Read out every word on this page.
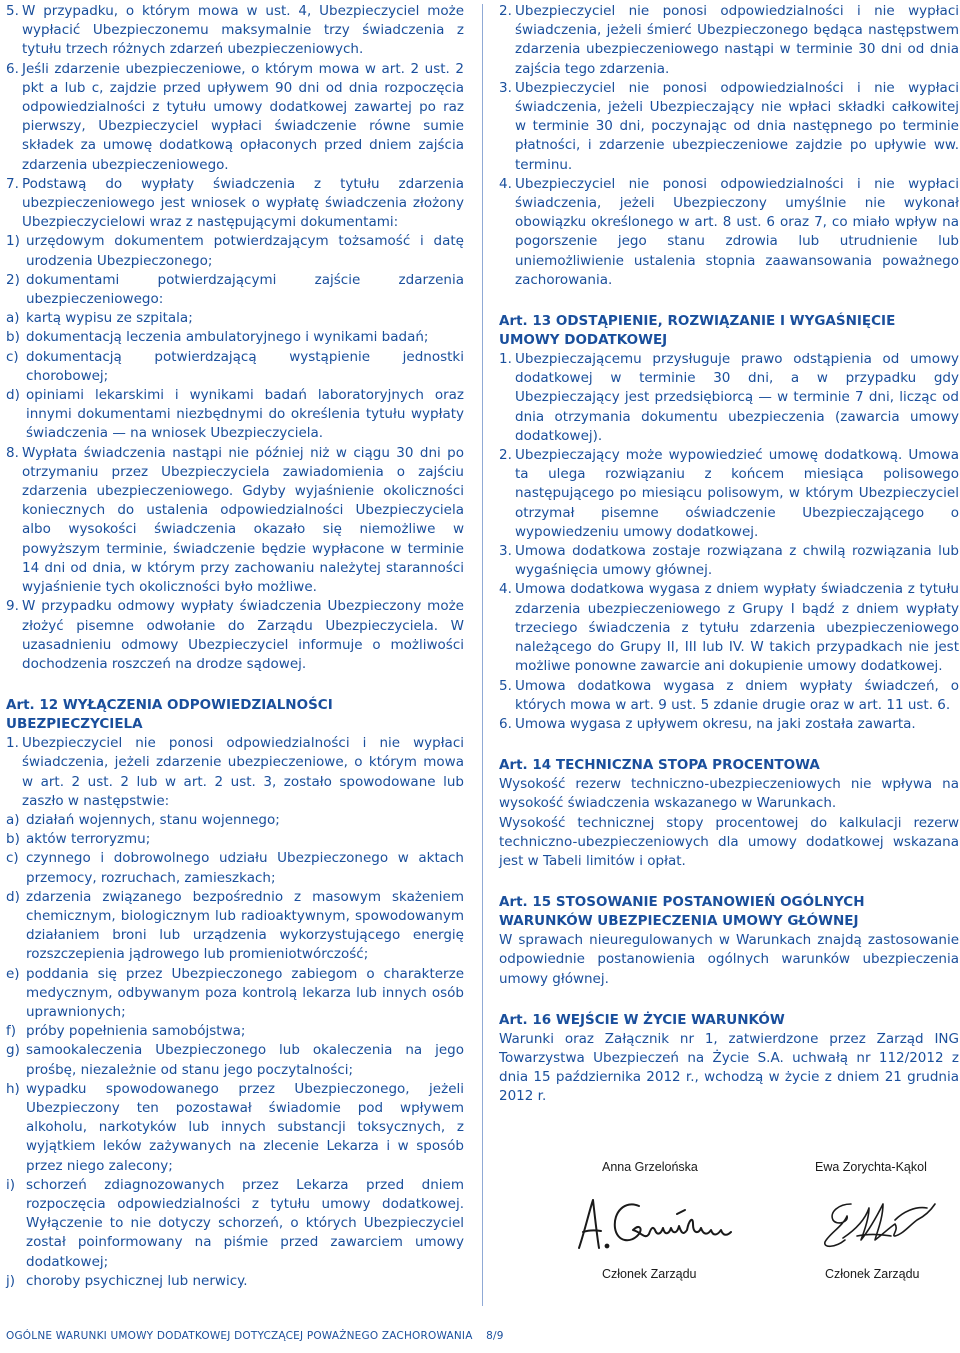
5. W przypadku, o którym mowa w ust. 4, Ubezpieczyciel może wypłacić Ubezpieczonemu maksymalnie trzy świadczenia z tytułu trzech różnych zdarzeń ubezpieczeniowych.
6. Jeśli zdarzenie ubezpieczeniowe, o którym mowa w art. 2 ust. 2 pkt a lub c, zajdzie przed upływem 90 dni od dnia rozpoczęcia odpowiedzialności z tytułu umowy dodatkowej zawartej po raz pierwszy, Ubezpieczyciel wypłaci świadczenie równe sumie składek za umowę dodatkową opłaconych przed dniem zajścia zdarzenia ubezpieczeniowego.
7. Podstawą do wypłaty świadczenia z tytułu zdarzenia ubezpieczeniowego jest wniosek o wypłatę świadczenia złożony Ubezpieczycielowi wraz z następującymi dokumentami:
1) urzędowym dokumentem potwierdzającym tożsamość i datę urodzenia Ubezpieczonego;
2) dokumentami potwierdzającymi zajście zdarzenia ubezpieczeniowego:
a) kartą wypisu ze szpitala;
b) dokumentacją leczenia ambulatoryjnego i wynikami badań;
c) dokumentacją potwierdzającą wystąpienie jednostki chorobowej;
d) opiniami lekarskimi i wynikami badań laboratoryjnych oraz innymi dokumentami niezbędnymi do określenia tytułu wypłaty świadczenia — na wniosek Ubezpieczyciela.
8. Wypłata świadczenia nastąpi nie później niż w ciągu 30 dni po otrzymaniu przez Ubezpieczyciela zawiadomienia o zajściu zdarzenia ubezpieczeniowego. Gdyby wyjaśnienie okoliczności koniecznych do ustalenia odpowiedzialności Ubezpieczyciela albo wysokości świadczenia okazało się niemożliwe w powyższym terminie, świadczenie będzie wypłacone w terminie 14 dni od dnia, w którym przy zachowaniu należytej staranności wyjaśnienie tych okoliczności było możliwe.
9. W przypadku odmowy wypłaty świadczenia Ubezpieczony może złożyć pisemne odwołanie do Zarządu Ubezpieczyciela. W uzasadnieniu odmowy Ubezpieczyciel informuje o możliwości dochodzenia roszczeń na drodze sądowej.
Art. 12 WYŁĄCZENIA ODPOWIEDZIALNOŚCI UBEZPIECZYCIELA
1. Ubezpieczyciel nie ponosi odpowiedzialności i nie wypłaci świadczenia, jeżeli zdarzenie ubezpieczeniowe, o którym mowa w art. 2 ust. 2 lub w art. 2 ust. 3, zostało spowodowane lub zaszło w następstwie:
a) działań wojennych, stanu wojennego;
b) aktów terroryzmu;
c) czynnego i dobrowolnego udziału Ubezpieczonego w aktach przemocy, rozruchach, zamieszkach;
d) zdarzenia związanego bezpośrednio z masowym skażeniem chemicznym, biologicznym lub radioaktywnym, spowodowanym działaniem broni lub urządzenia wykorzystującego energię rozszczepienia jądrowego lub promieniotwórczość;
e) poddania się przez Ubezpieczonego zabiegom o charakterze medycznym, odbywanym poza kontrolą lekarza lub innych osób uprawnionych;
f) próby popełnienia samobójstwa;
g) samookaleczenia Ubezpieczonego lub okaleczenia na jego prośbę, niezależnie od stanu jego poczytalności;
h) wypadku spowodowanego przez Ubezpieczonego, jeżeli Ubezpieczony ten pozostawał świadomie pod wpływem alkoholu, narkotyków lub innych substancji toksycznych, z wyjątkiem leków zażywanych na zlecenie Lekarza i w sposób przez niego zalecony;
i) schorzeń zdiagnozowanych przez Lekarza przed dniem rozpoczęcia odpowiedzialności z tytułu umowy dodatkowej. Wyłączenie to nie dotyczy schorzeń, o których Ubezpieczyciel został poinformowany na piśmie przed zawarciem umowy dodatkowej;
j) choroby psychicznej lub nerwicy.
2. Ubezpieczyciel nie ponosi odpowiedzialności i nie wypłaci świadczenia, jeżeli śmierć Ubezpieczonego będąca następstwem zdarzenia ubezpieczeniowego nastąpi w terminie 30 dni od dnia zajścia tego zdarzenia.
3. Ubezpieczyciel nie ponosi odpowiedzialności i nie wypłaci świadczenia, jeżeli Ubezpieczający nie wpłaci składki całkowitej w terminie 30 dni, poczynając od dnia następnego po terminie płatności, i zdarzenie ubezpieczeniowe zajdzie po upływie ww. terminu.
4. Ubezpieczyciel nie ponosi odpowiedzialności i nie wypłaci świadczenia, jeżeli Ubezpieczony umyślnie nie wykonał obowiązku określonego w art. 8 ust. 6 oraz 7, co miało wpływ na pogorszenie jego stanu zdrowia lub utrudnienie lub uniemożliwienie ustalenia stopnia zaawansowania poważnego zachorowania.
Art. 13 ODSTĄPIENIE, ROZWIĄZANIE I WYGAŚNIĘCIE UMOWY DODATKOWEJ
1. Ubezpieczającemu przysługuje prawo odstąpienia od umowy dodatkowej w terminie 30 dni, a w przypadku gdy Ubezpieczający jest przedsiębiorcą — w terminie 7 dni, licząc od dnia otrzymania dokumentu ubezpieczenia (zawarcia umowy dodatkowej).
2. Ubezpieczający może wypowiedzieć umowę dodatkową. Umowa ta ulega rozwiązaniu z końcem miesiąca polisowego następującego po miesiącu polisowym, w którym Ubezpieczyciel otrzymał pisemne oświadczenie Ubezpieczającego o wypowiedzeniu umowy dodatkowej.
3. Umowa dodatkowa zostaje rozwiązana z chwilą rozwiązania lub wygaśnięcia umowy głównej.
4. Umowa dodatkowa wygasa z dniem wypłaty świadczenia z tytułu zdarzenia ubezpieczeniowego z Grupy I bądź z dniem wypłaty trzeciego świadczenia z tytułu zdarzenia ubezpieczeniowego należącego do Grupy II, III lub IV. W takich przypadkach nie jest możliwe ponowne zawarcie ani dokupienie umowy dodatkowej.
5. Umowa dodatkowa wygasa z dniem wypłaty świadczeń, o których mowa w art. 9 ust. 5 zdanie drugie oraz w art. 11 ust. 6.
6. Umowa wygasa z upływem okresu, na jaki została zawarta.
Art. 14 TECHNICZNA STOPA PROCENTOWA

Wysokość rezerw techniczno-ubezpieczeniowych nie wpływa na wysokość świadczenia wskazanego w Warunkach.

Wysokość technicznej stopy procentowej do kalkulacji rezerw techniczno-ubezpieczeniowych dla umowy dodatkowej wskazana jest w Tabeli limitów i opłat.

Art. 15 STOSOWANIE POSTANOWIEŃ OGÓLNYCH WARUNKÓW UBEZPIECZENIA UMOWY GŁÓWNEJ

W sprawach nieuregulowanych w Warunkach znajdą zastosowanie odpowiednie postanowienia ogólnych warunków ubezpieczenia umowy głównej.

Art. 16 WEJŚCIE W ŻYCIE WARUNKÓW

Warunki oraz Załącznik nr 1, zatwierdzone przez Zarząd ING Towarzystwa Ubezpieczeń na Życie S.A. uchwałą nr 112/2012 z dnia 15 października 2012 r., wchodzą w życie z dniem 21 grudnia 2012 r.

Anna Grzelońska	Ewa Zorychta-Kąkol
Członek Zarządu	Członek Zarządu
OGÓLNE WARUNKI UMOWY DODATKOWEJ DOTYCZĄCEJ POWAŻNEGO ZACHOROWANIA 8/9
